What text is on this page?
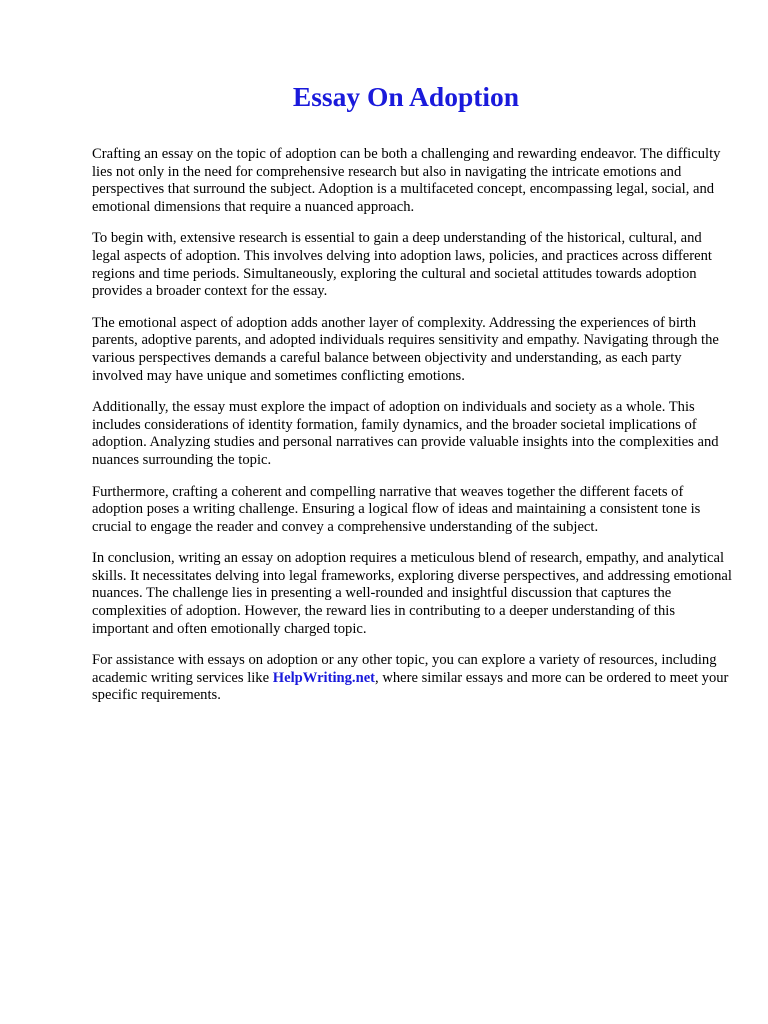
Essay On Adoption

Crafting an essay on the topic of adoption can be both a challenging and rewarding endeavor. The difficulty lies not only in the need for comprehensive research but also in navigating the intricate emotions and perspectives that surround the subject. Adoption is a multifaceted concept, encompassing legal, social, and emotional dimensions that require a nuanced approach.

To begin with, extensive research is essential to gain a deep understanding of the historical, cultural, and legal aspects of adoption. This involves delving into adoption laws, policies, and practices across different regions and time periods. Simultaneously, exploring the cultural and societal attitudes towards adoption provides a broader context for the essay.

The emotional aspect of adoption adds another layer of complexity. Addressing the experiences of birth parents, adoptive parents, and adopted individuals requires sensitivity and empathy. Navigating through the various perspectives demands a careful balance between objectivity and understanding, as each party involved may have unique and sometimes conflicting emotions.

Additionally, the essay must explore the impact of adoption on individuals and society as a whole. This includes considerations of identity formation, family dynamics, and the broader societal implications of adoption. Analyzing studies and personal narratives can provide valuable insights into the complexities and nuances surrounding the topic.

Furthermore, crafting a coherent and compelling narrative that weaves together the different facets of adoption poses a writing challenge. Ensuring a logical flow of ideas and maintaining a consistent tone is crucial to engage the reader and convey a comprehensive understanding of the subject.

In conclusion, writing an essay on adoption requires a meticulous blend of research, empathy, and analytical skills. It necessitates delving into legal frameworks, exploring diverse perspectives, and addressing emotional nuances. The challenge lies in presenting a well-rounded and insightful discussion that captures the complexities of adoption. However, the reward lies in contributing to a deeper understanding of this important and often emotionally charged topic.

For assistance with essays on adoption or any other topic, you can explore a variety of resources, including academic writing services like HelpWriting.net, where similar essays and more can be ordered to meet your specific requirements.
